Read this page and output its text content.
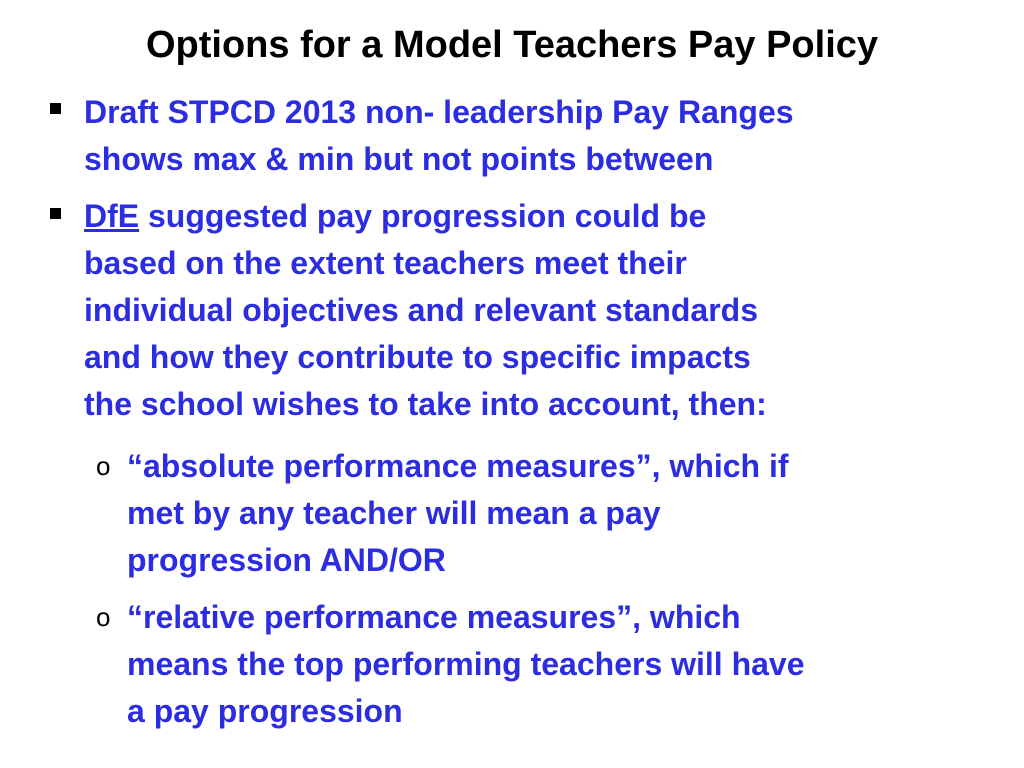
Options for a Model Teachers Pay Policy
Draft STPCD 2013 non- leadership Pay Ranges
shows max & min but not points between
DfE suggested pay progression could be
based on the extent teachers meet their
individual objectives and relevant standards
and how they contribute to specific impacts
the school wishes to take into account, then:
o “absolute performance measures”, which if
met by any teacher will mean a pay
progression AND/OR
o “relative performance measures”, which
means the top performing teachers will have
a pay progression
